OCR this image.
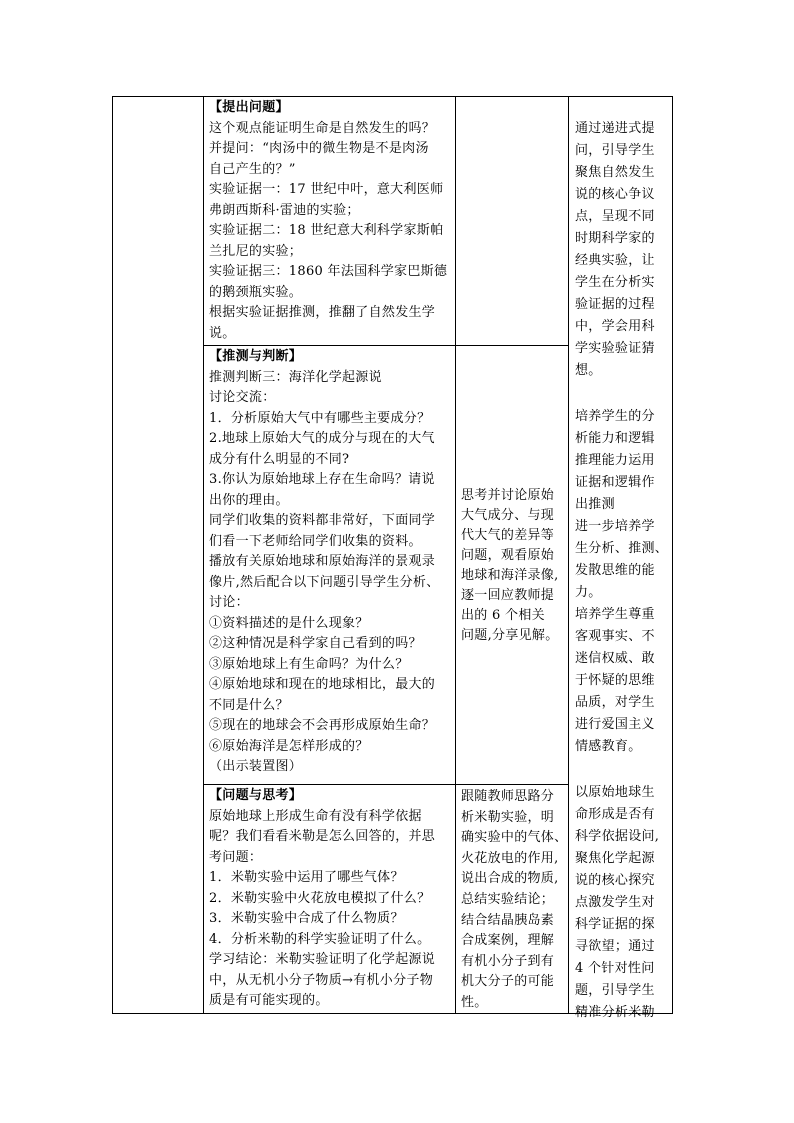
【提出问题】

这个观点能证明生命是自然发生的吗？

并提问：“肉汤中的微生物是不是肉汤

自己产生的？”

实验证据一：17 世纪中叶，意大利医师

弗朗西斯科·雷迪的实验；

实验证据二：18 世纪意大利科学家斯帕

兰扎尼的实验；

实验证据三：1860 年法国科学家巴斯德

的鹅颈瓶实验。

根据实验证据推测，推翻了自然发生学

说。

【推测与判断】

推测判断三：海洋化学起源说

讨论交流：

1．分析原始大气中有哪些主要成分？

2.地球上原始大气的成分与现在的大气

成分有什么明显的不同?

3.你认为原始地球上存在生命吗？请说

出你的理由。

同学们收集的资料都非常好，下面同学

们看一下老师给同学们收集的资料。

播放有关原始地球和原始海洋的景观录

像片,然后配合以下问题引导学生分析、

讨论：

①资料描述的是什么现象？

②这种情况是科学家自己看到的吗？

③原始地球上有生命吗？为什么？

④原始地球和现在的地球相比，最大的

不同是什么？

⑤现在的地球会不会再形成原始生命？

⑥原始海洋是怎样形成的？

（出示装置图）

思考并讨论原始

大气成分、与现

代大气的差异等

问题，观看原始

地球和海洋录像,

逐一回应教师提

出的 6 个相关

问题,分享见解。

【问题与思考】

原始地球上形成生命有没有科学依据

呢？我们看看米勒是怎么回答的，并思

考问题：

1．米勒实验中运用了哪些气体？

2．米勒实验中火花放电模拟了什么？

3．米勒实验中合成了什么物质？

4．分析米勒的科学实验证明了什么。

学习结论：米勒实验证明了化学起源说

中，从无机小分子物质→有机小分子物

质是有可能实现的。

跟随教师思路分

析米勒实验，明

确实验中的气体、

火花放电的作用,

说出合成的物质,

总结实验结论；

结合结晶胰岛素

合成案例，理解

有机小分子到有

机大分子的可能

性。

通过递进式提

问，引导学生

聚焦自然发生

说的核心争议

点，呈现不同

时期科学家的

经典实验，让

学生在分析实

验证据的过程

中，学会用科

学实验验证猜

想。

培养学生的分

析能力和逻辑

推理能力运用

证据和逻辑作

出推测

进一步培养学

生分析、推测、

发散思维的能

力。

培养学生尊重

客观事实、不

迷信权威、敢

于怀疑的思维

品质，对学生

进行爱国主义

情感教育。

以原始地球生

命形成是否有

科学依据设问,

聚焦化学起源

说的核心探究

点激发学生对

科学证据的探

寻欲望；通过

4 个针对性问

题，引导学生

精准分析米勒
